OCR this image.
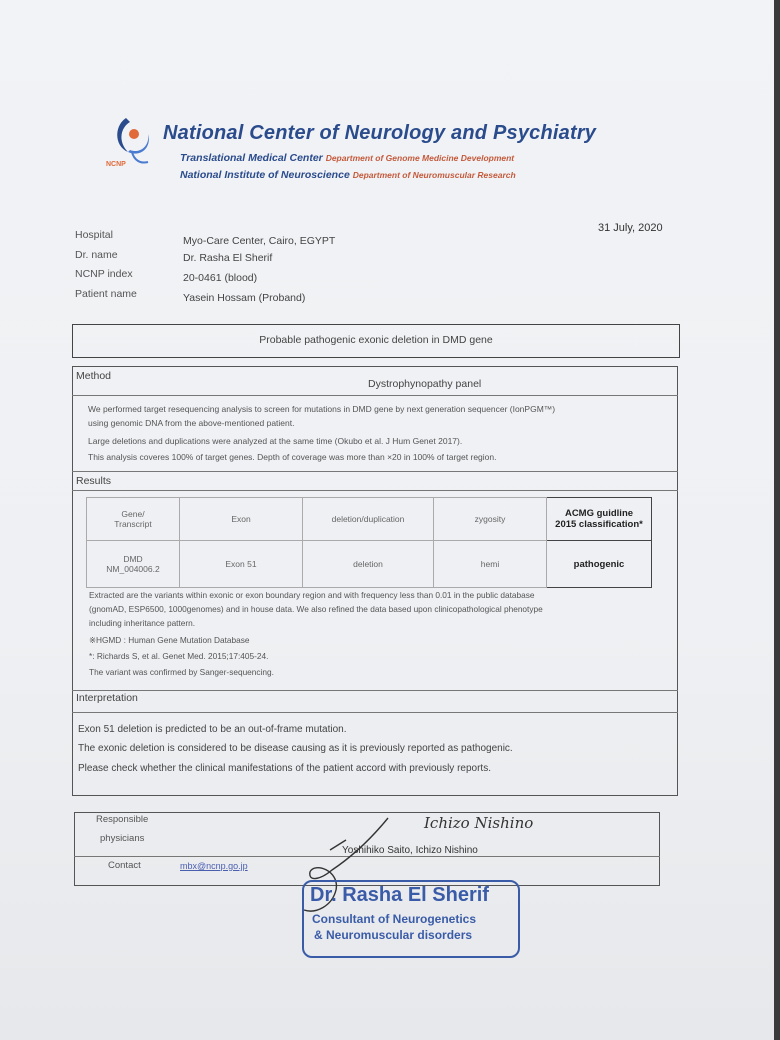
NCNP
National Center of Neurology and Psychiatry
Translational Medical Center Department of Genome Medicine Development
National Institute of Neuroscience Department of Neuromuscular Research
31 July, 2020
Hospital	Myo-Care Center, Cairo, EGYPT
Dr. name	Dr. Rasha El Sherif
NCNP index	20-0461 (blood)
Patient name	Yasein Hossam (Proband)
Probable pathogenic exonic deletion in DMD gene
Method
Dystrophynopathy panel
We performed target resequencing analysis to screen for mutations in DMD gene by next generation sequencer (IonPGM™)
using genomic DNA from the above-mentioned patient.
Large deletions and duplications were analyzed at the same time (Okubo et al. J Hum Genet 2017).
This analysis coveres 100% of target genes. Depth of coverage was more than ×20 in 100% of target region.
Results
Gene/
Transcript	Exon	deletion/duplication	zygosity	ACMG guidline
2015 classification*
DMD
NM_004006.2	Exon 51	deletion	hemi	pathogenic
Extracted are the variants within exonic or exon boundary region and with frequency less than 0.01 in the public database
(gnomAD, ESP6500, 1000genomes) and in house data. We also refined the data based upon clinicopathological phenotype
including inheritance pattern.
※HGMD : Human Gene Mutation Database
*: Richards S, et al. Genet Med. 2015;17:405-24.
The variant was confirmed by Sanger-sequencing.
Interpretation
Exon 51 deletion is predicted to be an out-of-frame mutation.
The exonic deletion is considered to be disease causing as it is previously reported as pathogenic.
Please check whether the clinical manifestations of the patient accord with previously reports.
Responsible
physicians
Contact	mbx@ncnp.go.jp
Ichizo Nishino
Yoshihiko Saito, Ichizo Nishino
Dr. Rasha El Sherif
Consultant of Neurogenetics
& Neuromuscular disorders
